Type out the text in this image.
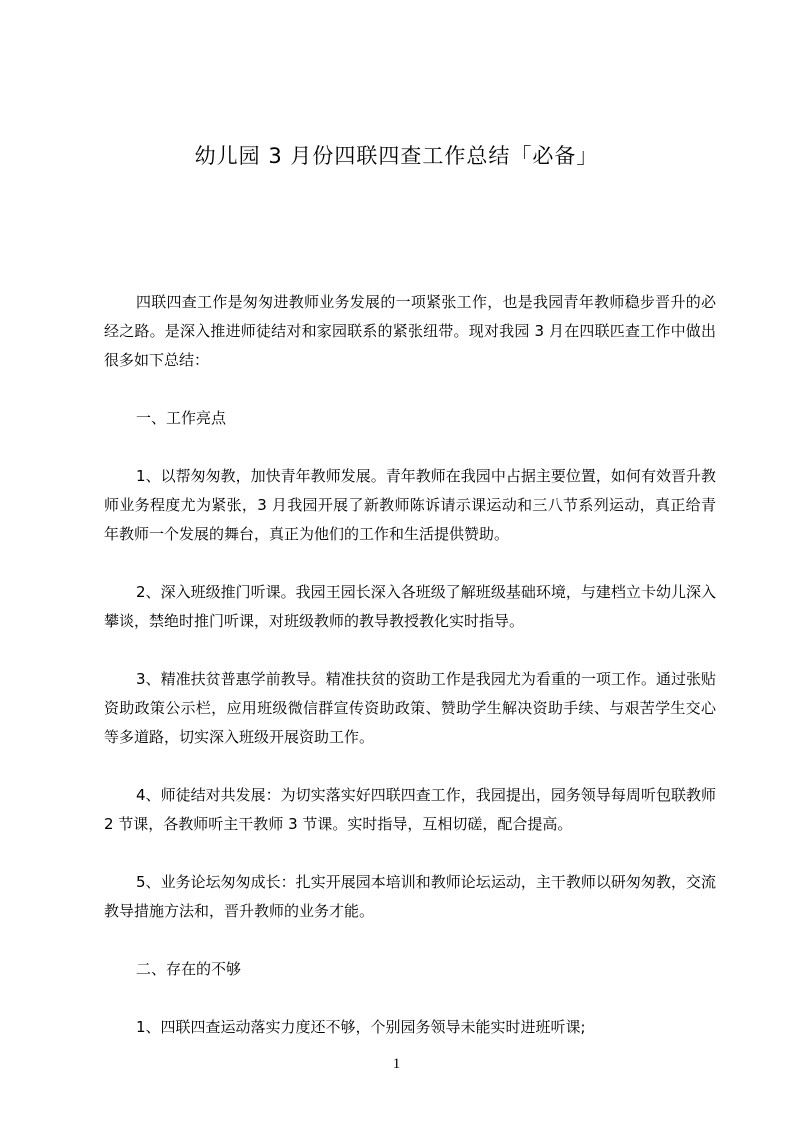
幼儿园 3 月份四联四查工作总结「必备」

四联四查工作是匆匆进教师业务发展的一项紧张工作，也是我园青年教师稳步晋升的必经之路。是深入推进师徒结对和家园联系的紧张纽带。现对我园 3 月在四联匹查工作中做出很多如下总结：

一、工作亮点

1、以帮匆匆教，加快青年教师发展。青年教师在我园中占据主要位置，如何有效晋升教师业务程度尤为紧张，3 月我园开展了新教师陈诉请示课运动和三八节系列运动，真正给青年教师一个发展的舞台，真正为他们的工作和生活提供赞助。

2、深入班级推门听课。我园王园长深入各班级了解班级基础环境，与建档立卡幼儿深入攀谈，禁绝时推门听课，对班级教师的教导教授教化实时指导。

3、精准扶贫普惠学前教导。精准扶贫的资助工作是我园尤为看重的一项工作。通过张贴资助政策公示栏，应用班级微信群宣传资助政策、赞助学生解决资助手续、与艰苦学生交心等多道路，切实深入班级开展资助工作。

4、师徒结对共发展：为切实落实好四联四查工作，我园提出，园务领导每周听包联教师 2 节课，各教师听主干教师 3 节课。实时指导，互相切磋，配合提高。

5、业务论坛匆匆成长：扎实开展园本培训和教师论坛运动，主干教师以研匆匆教，交流教导措施方法和，晋升教师的业务才能。

二、存在的不够

1、四联四查运动落实力度还不够，个别园务领导未能实时进班听课;

1
